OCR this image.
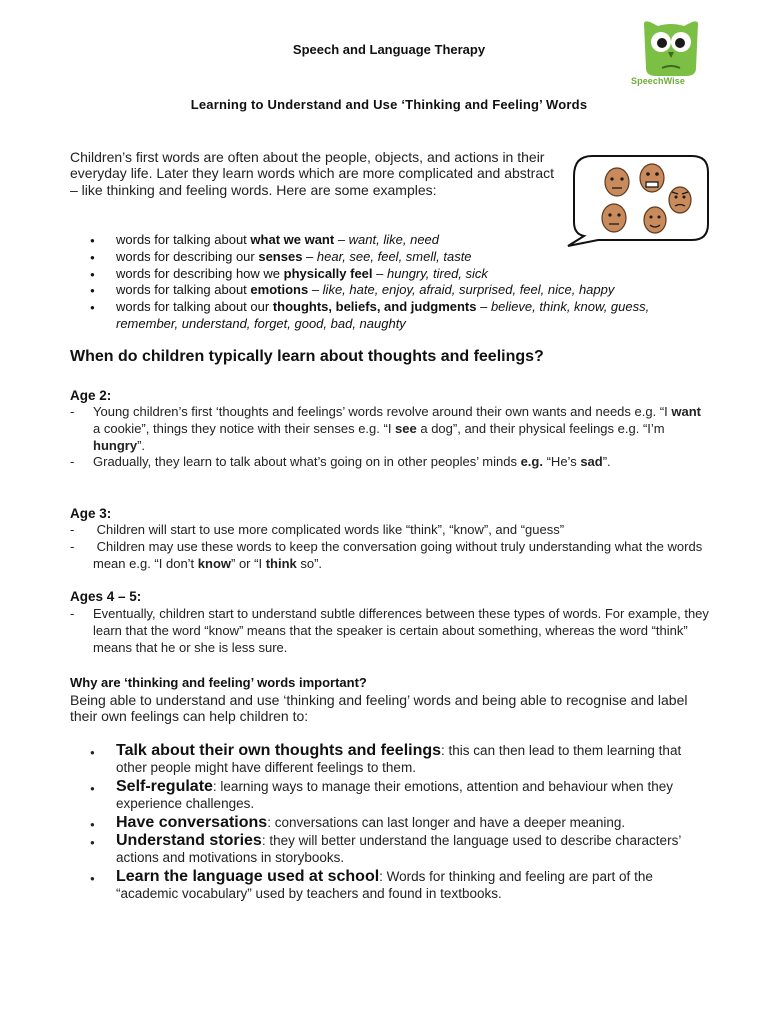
Speech and Language Therapy
Learning to Understand and Use ‘Thinking and Feeling’ Words
SpeechWise
Children’s first words are often about the people, objects, and actions in their everyday life. Later they learn words which are more complicated and abstract – like thinking and feeling words. Here are some examples:
● words for talking about what we want – want, like, need
● words for describing our senses – hear, see, feel, smell, taste
● words for describing how we physically feel – hungry, tired, sick
● words for talking about emotions – like, hate, enjoy, afraid, surprised, feel, nice, happy
● words for talking about our thoughts, beliefs, and judgments – believe, think, know, guess, remember, understand, forget, good, bad, naughty
When do children typically learn about thoughts and feelings?
Age 2:
- Young children’s first ‘thoughts and feelings’ words revolve around their own wants and needs e.g. “I want a cookie”, things they notice with their senses e.g. “I see a dog”, and their physical feelings e.g. “I’m hungry”.
- Gradually, they learn to talk about what’s going on in other peoples’ minds e.g. “He’s sad”.
Age 3:
- Children will start to use more complicated words like “think”, “know”, and “guess”
- Children may use these words to keep the conversation going without truly understanding what the words mean e.g. “I don’t know” or “I think so”.
Ages 4 – 5:
- Eventually, children start to understand subtle differences between these types of words. For example, they learn that the word “know” means that the speaker is certain about something, whereas the word “think” means that he or she is less sure.
Why are ‘thinking and feeling’ words important?
Being able to understand and use ‘thinking and feeling’ words and being able to recognise and label their own feelings can help children to:
● Talk about their own thoughts and feelings: this can then lead to them learning that other people might have different feelings to them.
● Self-regulate: learning ways to manage their emotions, attention and behaviour when they experience challenges.
● Have conversations: conversations can last longer and have a deeper meaning.
● Understand stories: they will better understand the language used to describe characters’ actions and motivations in storybooks.
● Learn the language used at school: Words for thinking and feeling are part of the “academic vocabulary” used by teachers and found in textbooks.
